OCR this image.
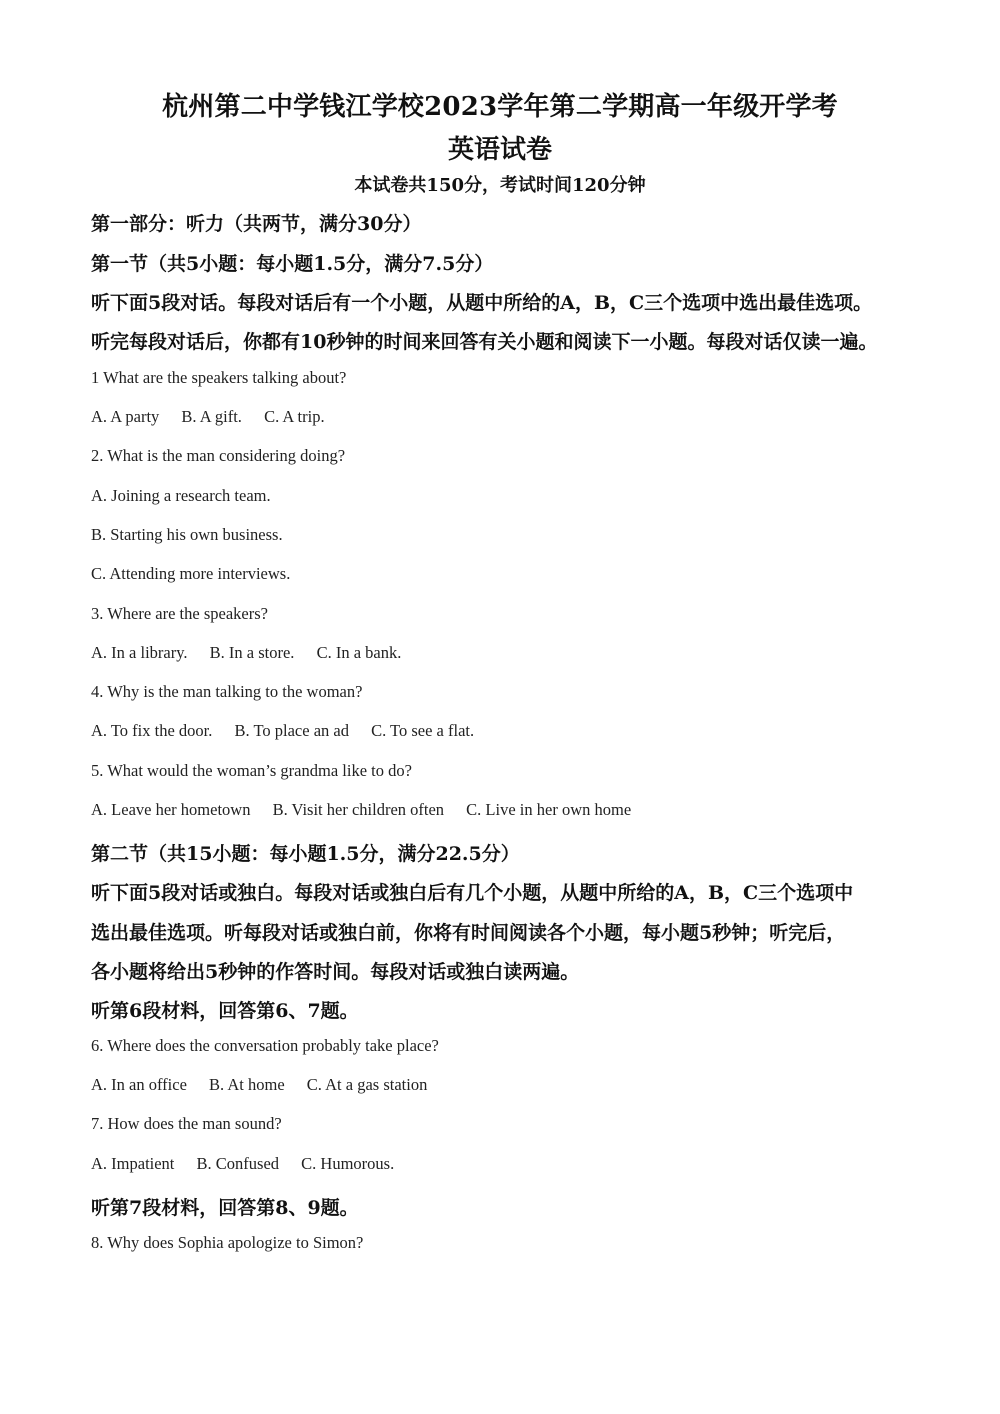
杭州第二中学钱江学校2023学年第二学期高一年级开学考
英语试卷
本试卷共150分，考试时间120分钟
第一部分：听力（共两节，满分30分）
第一节（共5小题：每小题1.5分，满分7.5分）
听下面5段对话。每段对话后有一个小题，从题中所给的A，B，C三个选项中选出最佳选项。
听完每段对话后，你都有10秒钟的时间来回答有关小题和阅读下一小题。每段对话仅读一遍。
1 What are the speakers talking about?
A. A party B. A gift. C. A trip.
2. What is the man considering doing?
A. Joining a research team.
B. Starting his own business.
C. Attending more interviews.
3. Where are the speakers?
A. In a library. B. In a store. C. In a bank.
4. Why is the man talking to the woman?
A. To fix the door. B. To place an ad C. To see a flat.
5. What would the woman’s grandma like to do?
A. Leave her hometown B. Visit her children often C. Live in her own home
第二节（共15小题：每小题1.5分，满分22.5分）
听下面5段对话或独白。每段对话或独白后有几个小题，从题中所给的A，B，C三个选项中
选出最佳选项。听每段对话或独白前，你将有时间阅读各个小题，每小题5秒钟；听完后，
各小题将给出5秒钟的作答时间。每段对话或独白读两遍。
听第6段材料，回答第6、7题。
6. Where does the conversation probably take place?
A. In an office B. At home C. At a gas station
7. How does the man sound?
A. Impatient B. Confused C. Humorous.
听第7段材料，回答第8、9题。
8. Why does Sophia apologize to Simon?
